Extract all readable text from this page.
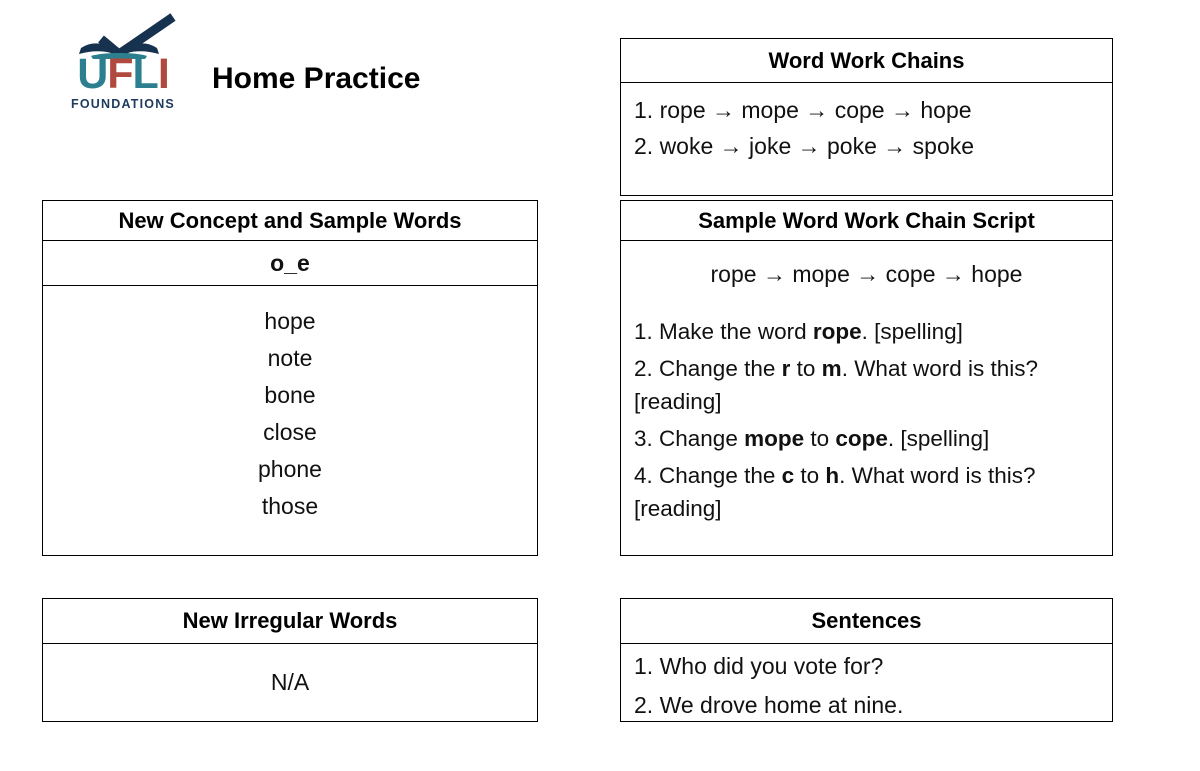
UFLI
FOUNDATIONS
Home Practice
Word Work Chains

1. rope → mope → cope → hope

2. woke → joke → poke → spoke

New Concept and Sample Words
o_e
hope
note
bone
close
phone
those
Sample Word Work Chain Script

rope → mope → cope → hope

1. Make the word rope. [spelling]

2. Change the r to m. What word is this? [reading]

3. Change mope to cope. [spelling]

4. Change the c to h. What word is this? [reading]

New Irregular Words
N/A
Sentences

1. Who did you vote for?

2. We drove home at nine.
